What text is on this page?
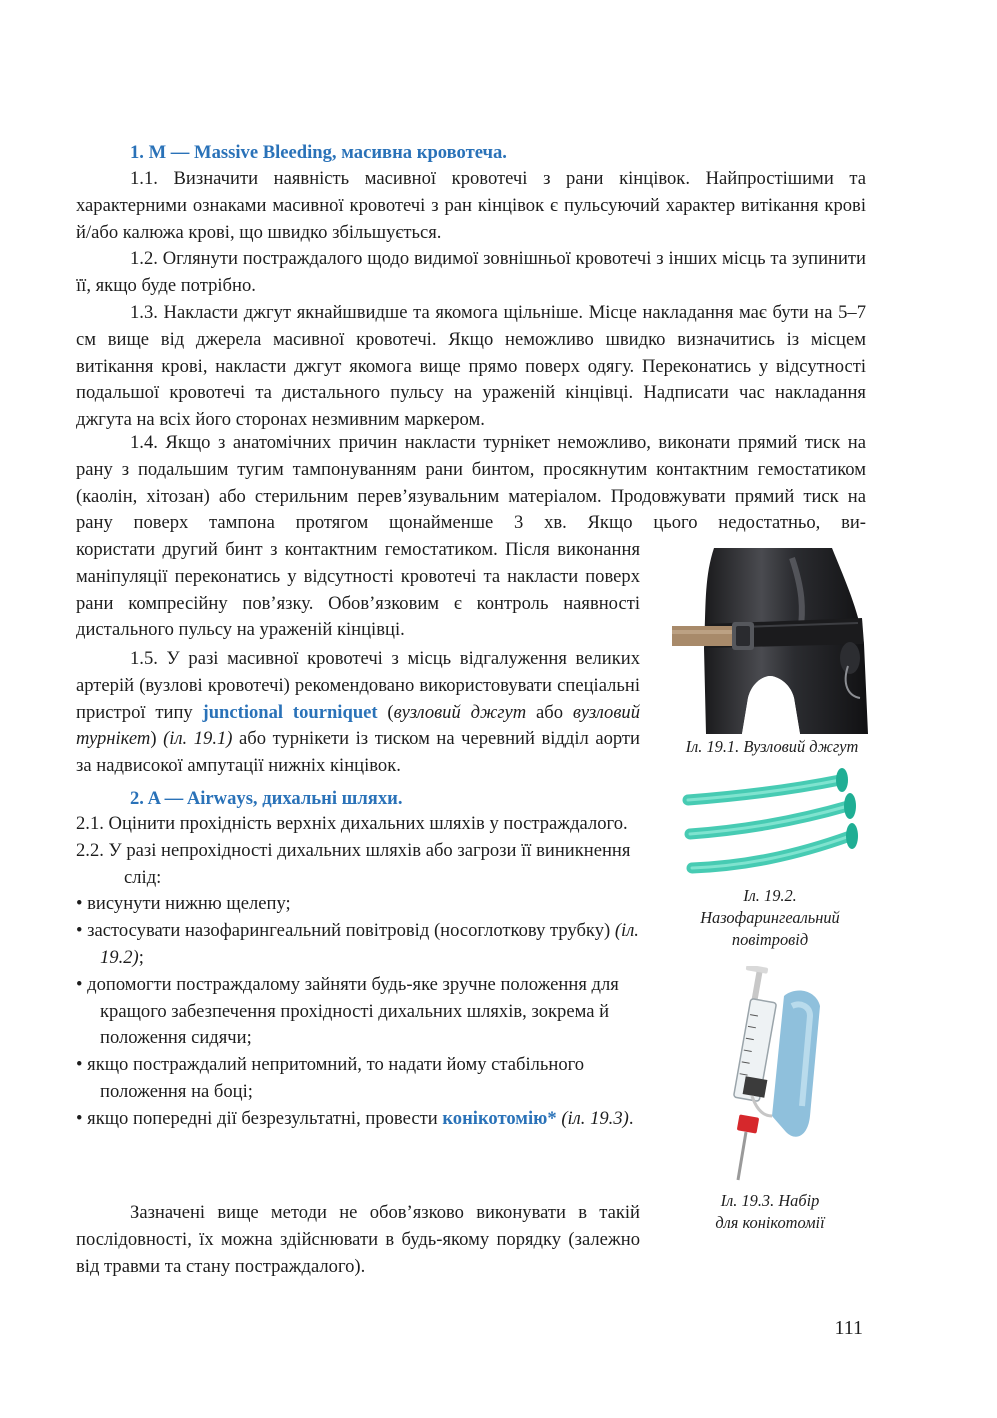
1. M — Massive Bleeding, масивна кровотеча.

1.1. Визначити наявність масивної кровотечі з рани кінцівок. Найпростішими та характерними ознаками масивної кровотечі з ран кінцівок є пульсуючий характер витікання крові й/або калюжа крові, що швидко збільшується.

1.2. Оглянути постраждалого щодо видимої зовнішньої кровотечі з інших місць та зупинити її, якщо буде потрібно.

1.3. Накласти джгут якнайшвидше та якомога щільніше. Місце накладання має бути на 5–7 см вище від джерела масивної кровотечі. Якщо неможливо швидко визначитись із місцем витікання крові, накласти джгут якомога вище прямо поверх одягу. Переконатись у відсутності подальшої кровотечі та дистального пульсу на ураженій кінцівці. Надписати час накладання джгута на всіх його сторонах незмивним маркером.

1.4. Якщо з анатомічних причин накласти турнікет неможливо, виконати прямий тиск на рану з подальшим тугим тампонуванням рани бинтом, просякнутим контактним гемостатиком (каолін, хітозан) або стерильним перев’язувальним матеріалом. Продовжувати прямий тиск на рану поверх тампона протягом щонайменше 3 хв. Якщо цього недостатньо, ви-

користати другий бинт з контактним гемостатиком. Після виконання маніпуляції переконатись у відсутності кровотечі та накласти поверх рани компресійну пов’язку. Обов’язковим є контроль наявності дистального пульсу на ураженій кінцівці.

1.5. У разі масивної кровотечі з місць відгалуження великих артерій (вузлові кровотечі) рекомендовано використовувати спеціальні пристрої типу junctional tourniquet (вузловий джгут або вузловий турнікет) (іл. 19.1) або турнікети із тиском на черевний відділ аорти за надвисокої ампутації нижніх кінцівок.

2. A — Airways, дихальні шляхи.

2.1. Оцінити прохідність верхніх дихальних шляхів у постраждалого.

2.2. У разі непрохідності дихальних шляхів або загрози її виникнення слід:

• висунути нижню щелепу;

• застосувати назофарингеальний повітровід (носоглоткову трубку) (іл. 19.2);

• допомогти постраждалому зайняти будь-яке зручне положення для кращого забезпечення прохідності дихальних шляхів, зокрема й положення сидячи;

• якщо постраждалий непритомний, то надати йому стабільного положення на боці;

• якщо попередні дії безрезультатні, провести конікотомію* (іл. 19.3).

Зазначені вище методи не обов’язково виконувати в такій послідовності, їх можна здійснювати в будь-якому порядку (залежно від травми та стану постраждалого).

Іл. 19.1. Вузловий джгут
Іл. 19.2.
Назофарингеальний
повітровід
Іл. 19.3. Набір
для конікотомії
111
